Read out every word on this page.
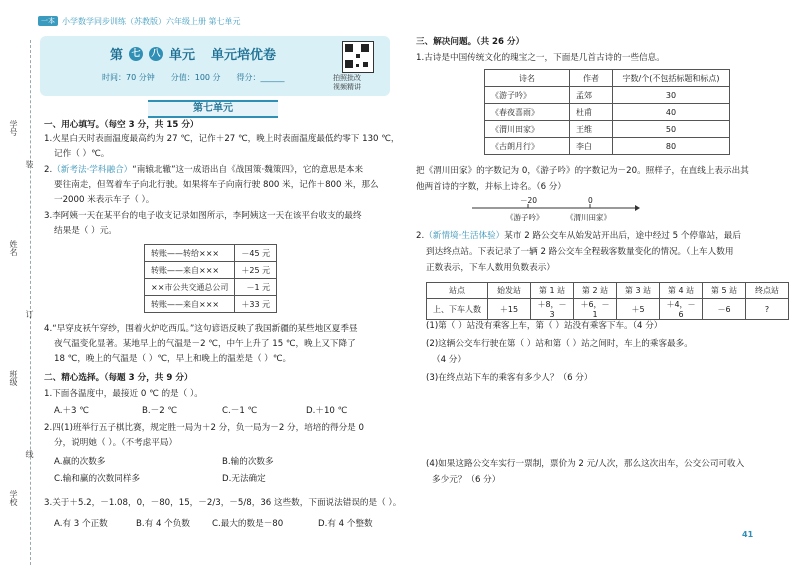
一本 小学数学同步训练（苏教版）六年级上册 第七单元
学号
姓名
班级
学校
装
订
线
第 七 八 单元 单元培优卷
时间：70 分钟 分值：100 分 得分：______	拍照批改
视频精讲
第七单元
一、用心填写。（每空 3 分，共 15 分）
1.火星白天时表面温度最高约为 27 ℃，记作＋27 ℃，晚上时表面温度最低约零下 130 ℃，
记作（ ）℃。
2.（新考法·学科融合）“南辕北辙”这一成语出自《战国策·魏策四》，它的意思是本来
要往南走，但驾着车子向北行驶。如果将车子向南行驶 800 米，记作＋800 米，那么
一2000 米表示车子（ ）。
3.李阿姨一天在某平台的电子收支记录如图所示，李阿姨这一天在该平台收支的最终
结果是（ ）元。
转账——转给×××	－45 元
转账——来自×××	＋25 元
××市公共交通总公司	－1 元
转账——来自×××	＋33 元
4.“早穿皮袄午穿纱，围着火炉吃西瓜。”这句谚语反映了我国新疆的某些地区夏季昼
夜气温变化显著。某地早上的气温是－2 ℃，中午上升了 15 ℃，晚上又下降了
18 ℃，晚上的气温是（ ）℃，早上和晚上的温差是（ ）℃。
二、精心选择。（每题 3 分，共 9 分）
1.下面各温度中，最接近 0 ℃ 的是（ ）。
A.＋3 ℃	B.－2 ℃	C.－1 ℃	D.＋10 ℃
2.四(1)班举行五子棋比赛，规定胜一局为＋2 分，负一局为－2 分，培培的得分是 0
分，说明她（ ）。（不考虑平局）
A.赢的次数多	B.输的次数多
C.输和赢的次数同样多	D.无法确定
3.关于＋5.2，－1.08，0，－80，15，－2/3，－5/8，36 这些数，下面说法错误的是（ ）。
A.有 3 个正数	B.有 4 个负数	C.最大的数是－80	D.有 4 个整数
三、解决问题。（共 26 分）
1.古诗是中国传统文化的瑰宝之一，下面是几首古诗的一些信息。
诗名	作者	字数/个(不包括标题和标点)
《游子吟》	孟郊	30
《春夜喜雨》	杜甫	40
《渭川田家》	王维	50
《古朗月行》	李白	80
把《渭川田家》的字数记为 0，《游子吟》的字数记为－20。照样子，在直线上表示出其
他两首诗的字数，并标上诗名。（6 分）
－20	0
《游子吟》	《渭川田家》
2.（新情境·生活体验）某市 2 路公交车从始发站开出后，途中经过 5 个停靠站，最后
到达终点站。下表记录了一辆 2 路公交车全程载客数量变化的情况。（上车人数用
正数表示，下车人数用负数表示）
站点	始发站	第 1 站	第 2 站	第 3 站	第 4 站	第 5 站	终点站
上、下车人数	＋15	＋8，－3	＋6，－1	＋5	＋4，－6	－6	?
(1)第（ ）站没有乘客上车，第（ ）站没有乘客下车。（4 分）
(2)这辆公交车行驶在第（ ）站和第（ ）站之间时，车上的乘客最多。
（4 分）
(3)在终点站下车的乘客有多少人？（6 分）
(4)如果这路公交车实行一票制，票价为 2 元/人次，那么这次出车，公交公司可收入
多少元？（6 分）
41
